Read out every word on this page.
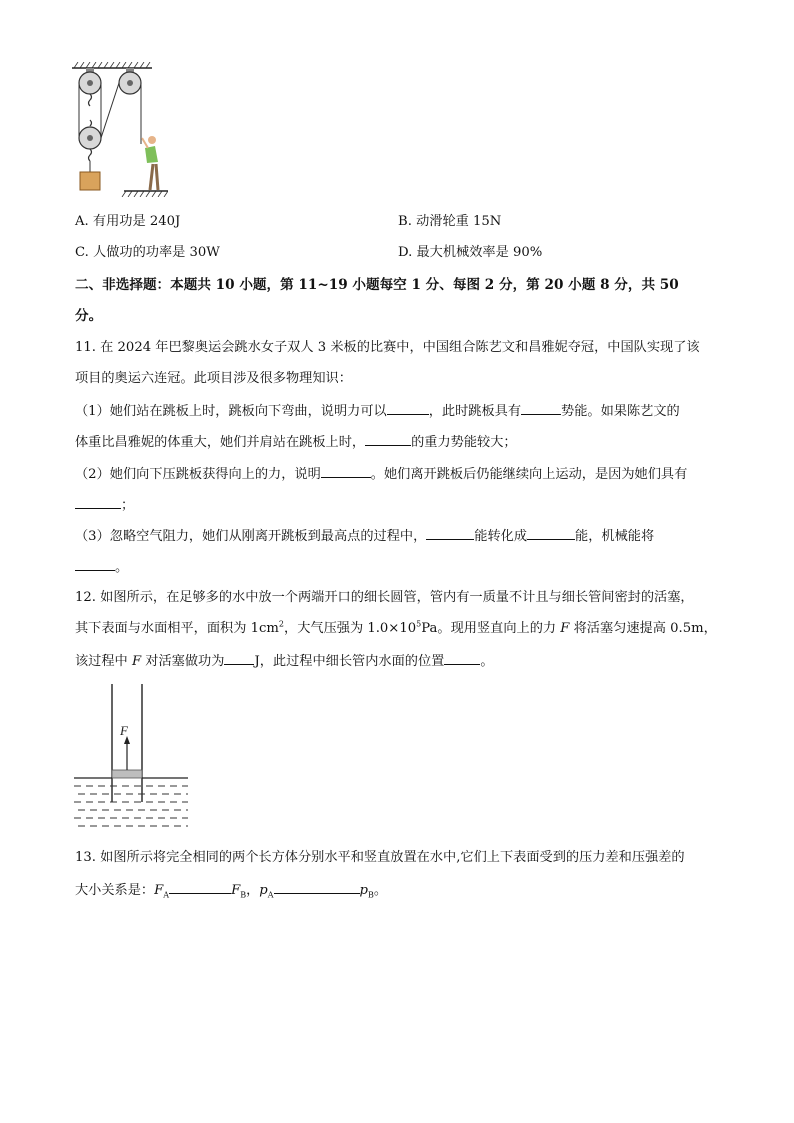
A. 有用功是 240J	B. 动滑轮重 15N
C. 人做功的功率是 30W	D. 最大机械效率是 90%
二、非选择题：本题共 10 小题，第 11~19 小题每空 1 分、每图 2 分，第 20 小题 8 分，共 50
分。
11. 在 2024 年巴黎奥运会跳水女子双人 3 米板的比赛中，中国组合陈艺文和昌雅妮夺冠，中国队实现了该
项目的奥运六连冠。此项目涉及很多物理知识：
（1）她们站在跳板上时，跳板向下弯曲，说明力可以	，此时跳板具有	势能。如果陈艺文的
体重比昌雅妮的体重大，她们并肩站在跳板上时，	的重力势能较大；
（2）她们向下压跳板获得向上的力，说明	。她们离开跳板后仍能继续向上运动，是因为她们具有
；
（3）忽略空气阻力，她们从刚离开跳板到最高点的过程中，	能转化成	能，机械能将
。
12. 如图所示，在足够多的水中放一个两端开口的细长圆管，管内有一质量不计且与细长管间密封的活塞，
其下表面与水面相平，面积为 $1cm^2$，大气压强为 $1.0\times 10^5Pa$。现用竖直向上的力 F 将活塞匀速提高 0.5m，
该过程中 F 对活塞做功为 J，此过程中细长管内水面的位置	。
F
13. 如图所示将完全相同的两个长方体分别水平和竖直放置在水中,它们上下表面受到的压力差和压强差的
大小关系是：$F_A$	$F_B$，$p_A$	$p_B$。
